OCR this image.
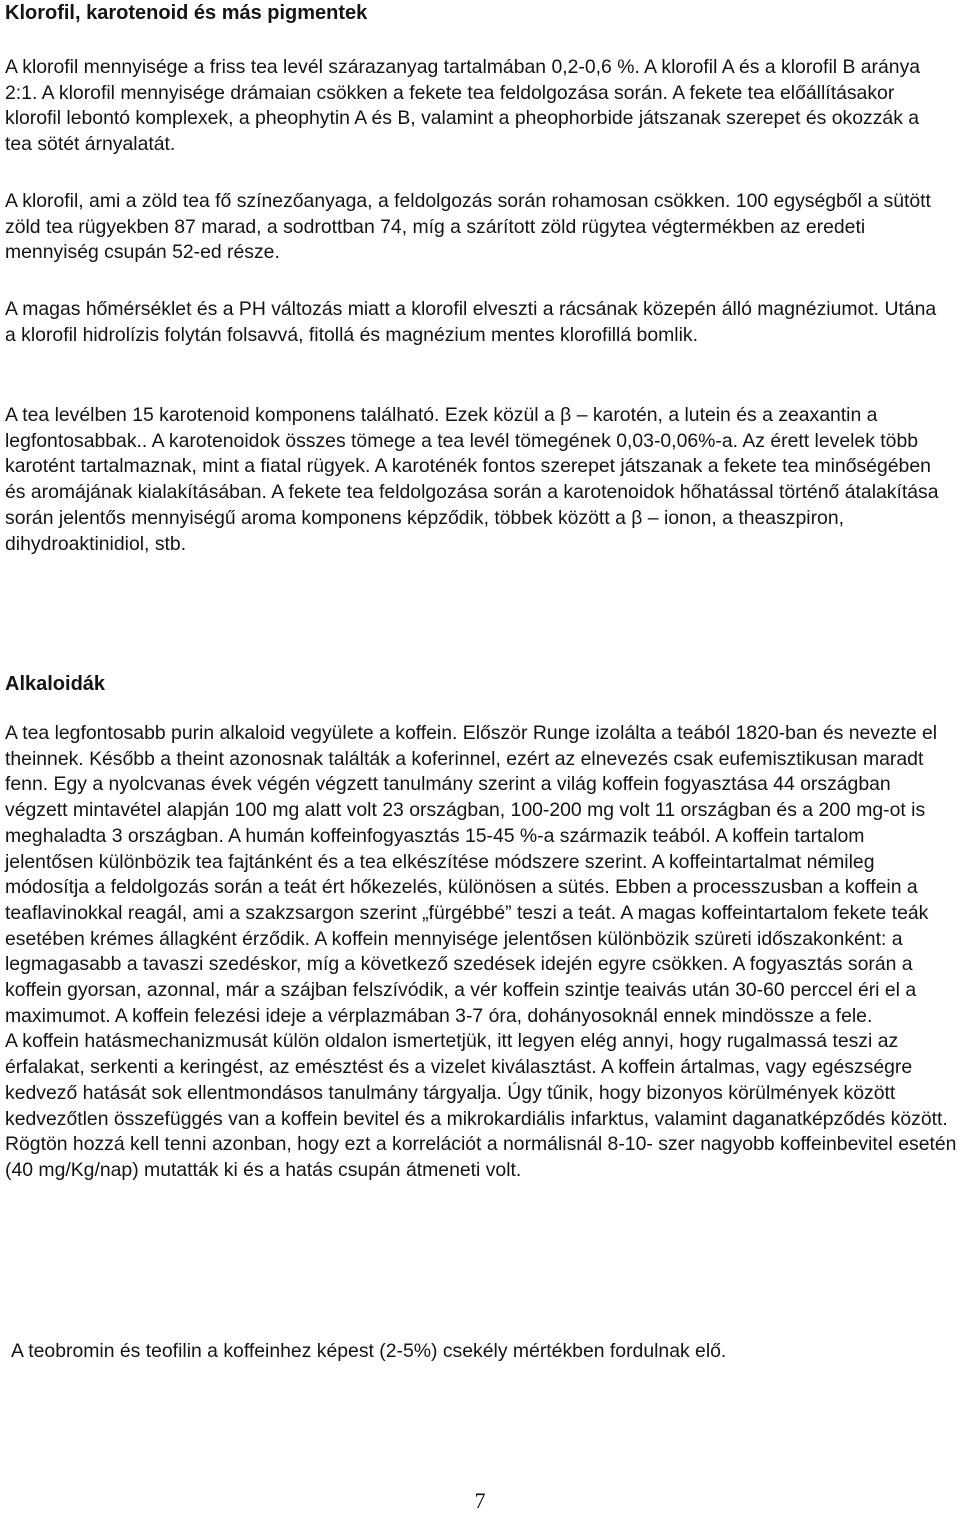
Klorofil, karotenoid és más pigmentek

A klorofil mennyisége a friss tea levél szárazanyag tartalmában 0,2-0,6 %. A klorofil A és a klorofil B aránya 2:1. A klorofil mennyisége drámaian csökken a fekete tea feldolgozása során. A fekete tea előállításakor klorofil lebontó komplexek, a pheophytin A és B, valamint a pheophorbide játszanak szerepet és okozzák a tea sötét árnyalatát.

A klorofil, ami a zöld tea fő színezőanyaga, a feldolgozás során rohamosan csökken. 100 egységből a sütött zöld tea rügyekben 87 marad, a sodrottban 74, míg a szárított zöld rügytea végtermékben az eredeti mennyiség csupán 52-ed része.

A magas hőmérséklet és a PH változás miatt a klorofil elveszti a rácsának közepén álló magnéziumot. Utána a klorofil hidrolízis folytán folsavvá, fitollá és magnézium mentes klorofillá bomlik.

A tea levélben 15 karotenoid komponens található. Ezek közül a β – karotén, a lutein és a zeaxantin a legfontosabbak.. A karotenoidok összes tömege a tea levél tömegének 0,03-0,06%-a. Az érett levelek több karotént tartalmaznak, mint a fiatal rügyek. A karoténék fontos szerepet játszanak a fekete tea minőségében és aromájának kialakításában. A fekete tea feldolgozása során a karotenoidok hőhatással történő átalakítása során jelentős mennyiségű aroma komponens képződik, többek között a β – ionon, a theaszpiron, dihydroaktinidiol, stb.

Alkaloidák

A tea legfontosabb purin alkaloid vegyülete a koffein. Először Runge izolálta a teából 1820-ban és nevezte el theinnek. Később a theint azonosnak találták a koferinnel, ezért az elnevezés csak eufemisztikusan maradt fenn. Egy a nyolcvanas évek végén végzett tanulmány szerint a világ koffein fogyasztása 44 országban végzett mintavétel alapján 100 mg alatt volt 23 országban, 100-200 mg volt 11 országban és a 200 mg-ot is meghaladta 3 országban. A humán koffeinfogyasztás 15-45 %-a származik teából. A koffein tartalom jelentősen különbözik tea fajtánként és a tea elkészítése módszere szerint. A koffeintartalmat némileg módosítja a feldolgozás során a teát ért hőkezelés, különösen a sütés. Ebben a processzusban a koffein a teaflavinokkal reagál, ami a szakzsargon szerint „fürgébbé” teszi a teát. A magas koffeintartalom fekete teák esetében krémes állagként érződik. A koffein mennyisége jelentősen különbözik szüreti időszakonként: a legmagasabb a tavaszi szedéskor, míg a következő szedések idején egyre csökken. A fogyasztás során a koffein gyorsan, azonnal, már a szájban felszívódik, a vér koffein szintje teaivás után 30-60 perccel éri el a maximumot. A koffein felezési ideje a vérplazmában 3-7 óra, dohányosoknál ennek mindössze a fele.
A koffein hatásmechanizmusát külön oldalon ismertetjük, itt legyen elég annyi, hogy rugalmassá teszi az érfalakat, serkenti a keringést, az emésztést és a vizelet kiválasztást. A koffein ártalmas, vagy egészségre kedvező hatását sok ellentmondásos tanulmány tárgyalja. Úgy tűnik, hogy bizonyos körülmények között kedvezőtlen összefüggés van a koffein bevitel és a mikrokardiális infarktus, valamint daganatképződés között. Rögtön hozzá kell tenni azonban, hogy ezt a korrelációt a normálisnál 8-10- szer nagyobb koffeinbevitel esetén (40 mg/Kg/nap) mutatták ki és a hatás csupán átmeneti volt.

A teobromin és teofilin a koffeinhez képest (2-5%) csekély mértékben fordulnak elő.

7
